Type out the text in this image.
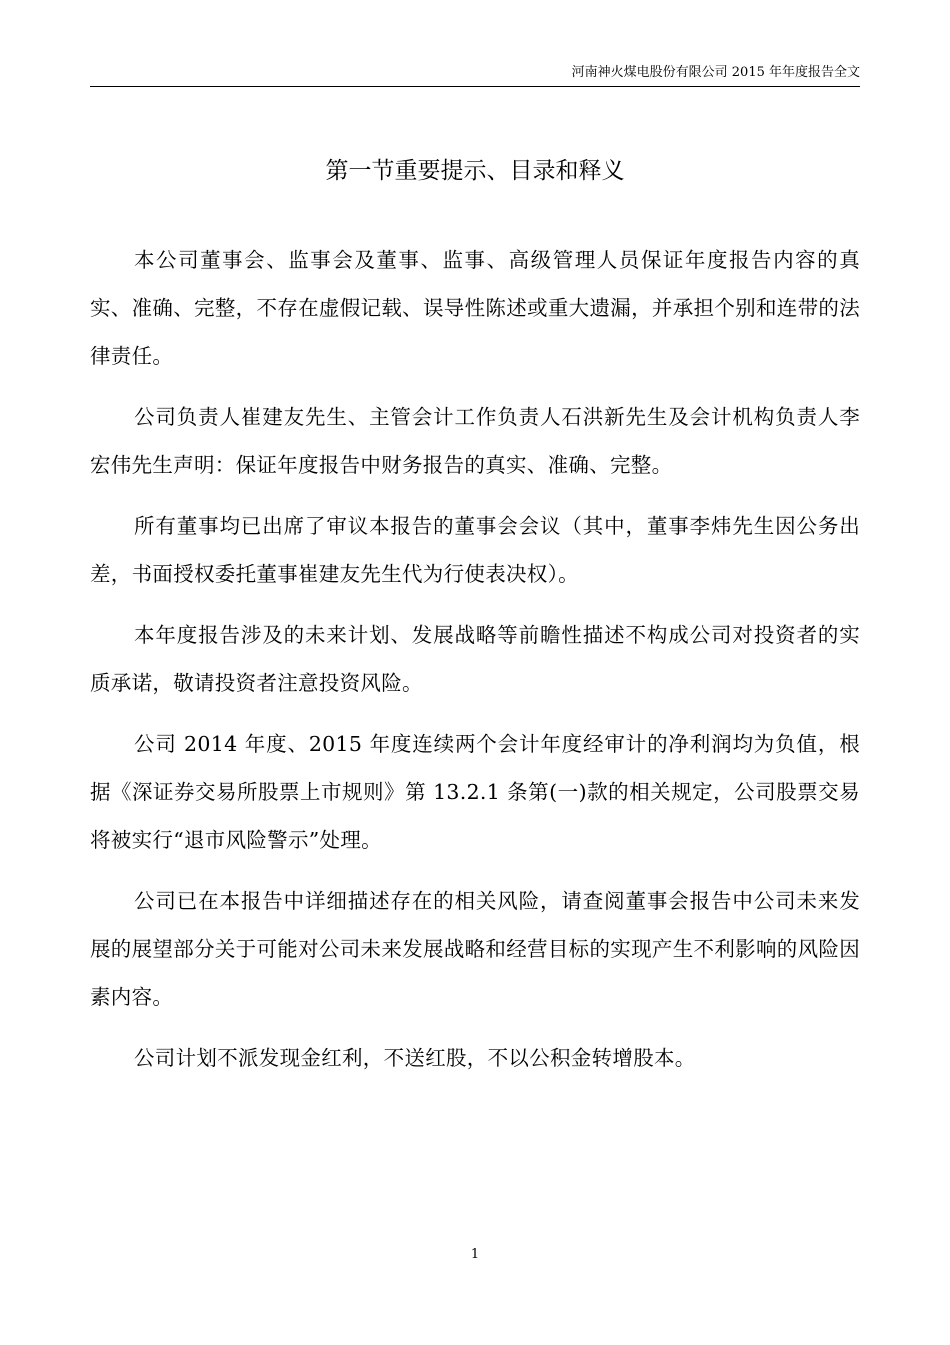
河南神火煤电股份有限公司 2015 年年度报告全文
第一节重要提示、目录和释义

本公司董事会、监事会及董事、监事、高级管理人员保证年度报告内容的真实、准确、完整，不存在虚假记载、误导性陈述或重大遗漏，并承担个别和连带的法律责任。

公司负责人崔建友先生、主管会计工作负责人石洪新先生及会计机构负责人李宏伟先生声明：保证年度报告中财务报告的真实、准确、完整。

所有董事均已出席了审议本报告的董事会会议（其中，董事李炜先生因公务出差，书面授权委托董事崔建友先生代为行使表决权）。

本年度报告涉及的未来计划、发展战略等前瞻性描述不构成公司对投资者的实质承诺，敬请投资者注意投资风险。

公司 2014 年度、2015 年度连续两个会计年度经审计的净利润均为负值，根据《深证券交易所股票上市规则》第 13.2.1 条第(一)款的相关规定，公司股票交易将被实行“退市风险警示”处理。

公司已在本报告中详细描述存在的相关风险，请查阅董事会报告中公司未来发展的展望部分关于可能对公司未来发展战略和经营目标的实现产生不利影响的风险因素内容。

公司计划不派发现金红利，不送红股，不以公积金转增股本。

1
